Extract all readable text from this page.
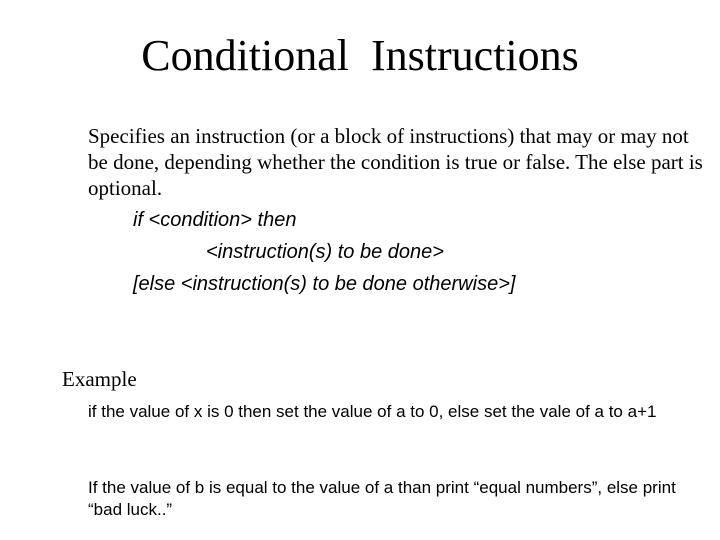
Conditional  Instructions
Specifies an instruction (or a block of instructions) that may or may not be done, depending whether the condition is true or false. The else part is optional.
if <condition> then
<instruction(s) to be done>
[else <instruction(s) to be done otherwise>]
Example
if the value of x is 0 then set the value of a to 0, else set the vale of a to a+1
If the value of b is equal to the value of a than print “equal numbers”, else print “bad luck..”
